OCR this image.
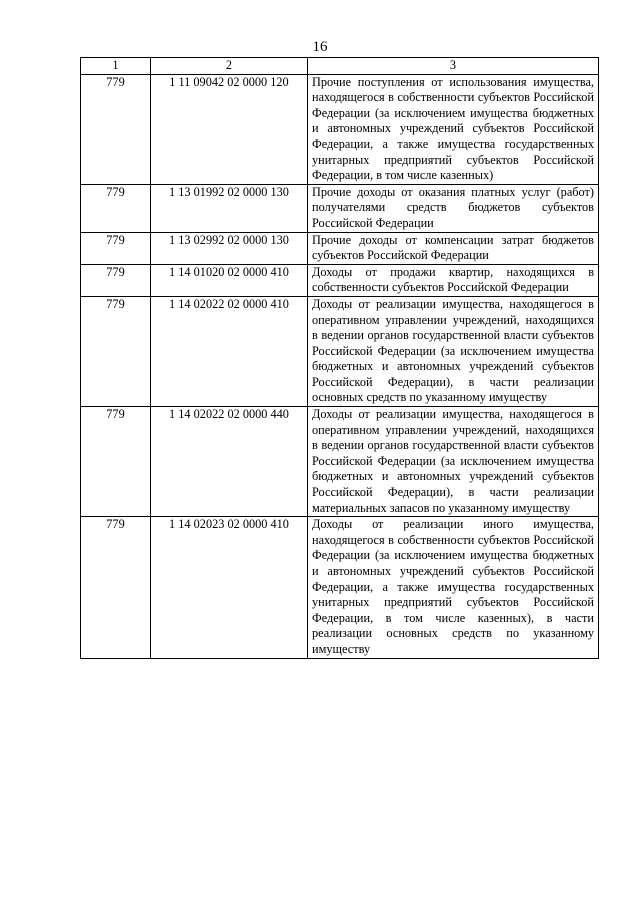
16
1	2	3
779	1 11 09042 02 0000 120	Прочие поступления от использования имущества, находящегося в собственности субъектов Российской Федерации (за исключением имущества бюджетных и автономных учреждений субъектов Российской Федерации, а также имущества государственных унитарных предприятий субъектов Российской Федерации, в том числе казенных)
779	1 13 01992 02 0000 130	Прочие доходы от оказания платных услуг (работ) получателями средств бюджетов субъектов Российской Федерации
779	1 13 02992 02 0000 130	Прочие доходы от компенсации затрат бюджетов субъектов Российской Федерации
779	1 14 01020 02 0000 410	Доходы от продажи квартир, находящихся в собственности субъектов Российской Федерации
779	1 14 02022 02 0000 410	Доходы от реализации имущества, находящегося в оперативном управлении учреждений, находящихся в ведении органов государственной власти субъектов Российской Федерации (за исключением имущества бюджетных и автономных учреждений субъектов Российской Федерации), в части реализации основных средств по указанному имуществу
779	1 14 02022 02 0000 440	Доходы от реализации имущества, находящегося в оперативном управлении учреждений, находящихся в ведении органов государственной власти субъектов Российской Федерации (за исключением имущества бюджетных и автономных учреждений субъектов Российской Федерации), в части реализации материальных запасов по указанному имуществу
779	1 14 02023 02 0000 410	Доходы от реализации иного имущества, находящегося в собственности субъектов Российской Федерации (за исключением имущества бюджетных и автономных учреждений субъектов Российской Федерации, а также имущества государственных унитарных предприятий субъектов Российской Федерации, в том числе казенных), в части реализации основных средств по указанному имуществу
